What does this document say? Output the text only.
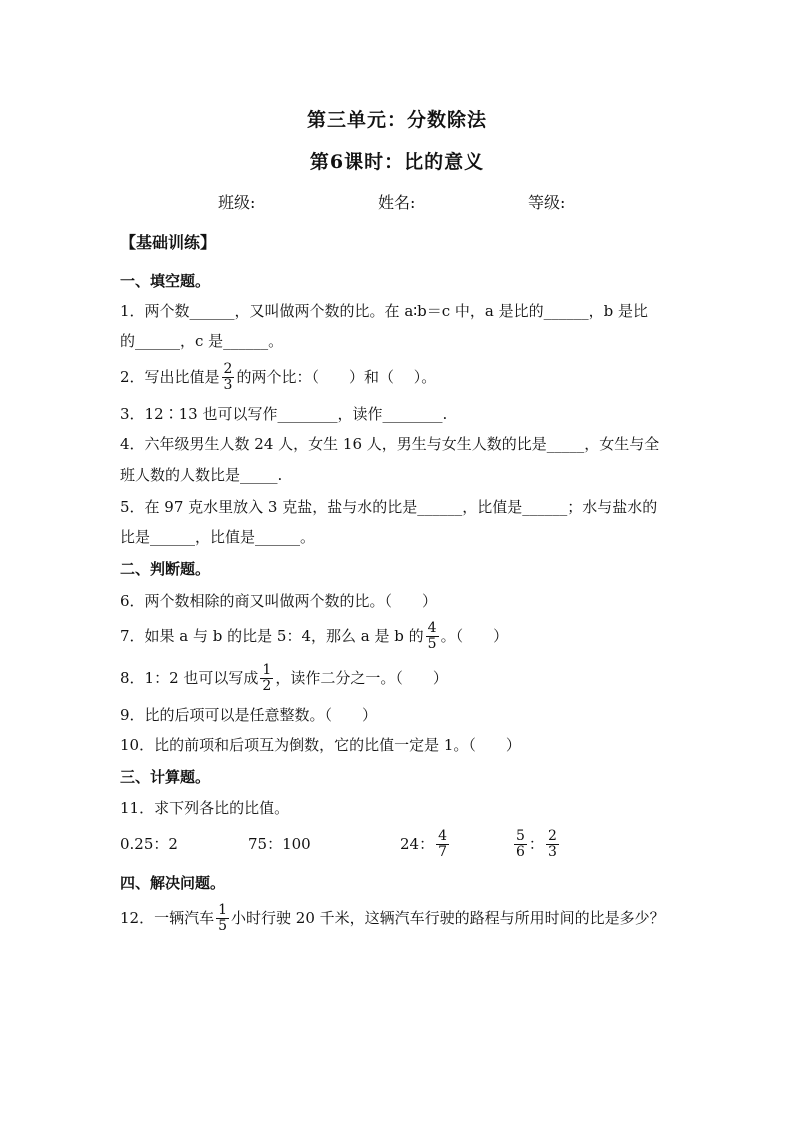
第三单元：分数除法
第6课时：比的意义
班级:	姓名:	等级:
【基础训练】
一、填空题。
1．两个数______，又叫做两个数的比。在 a∶b＝c 中，a 是比的______，b 是比
的______，c 是______。
2．写出比值是 $\frac{2}{3}$ 的两个比：（　　）和（　 ）。
3．12∶13 也可以写作________，读作________.
4．六年级男生人数 24 人，女生 16 人，男生与女生人数的比是_____，女生与全
班人数的人数比是_____.
5．在 97 克水里放入 3 克盐，盐与水的比是______，比值是______；水与盐水的
比是______，比值是______。
二、判断题。
6．两个数相除的商又叫做两个数的比。（　　）
7．如果 a 与 b 的比是 5：4，那么 a 是 b 的 $\frac{4}{5}$ 。（　　）
8．1：2 也可以写成 $\frac{1}{2}$ ，读作二分之一。（　　）
9．比的后项可以是任意整数。（　　）
10．比的前项和后项互为倒数，它的比值一定是 1。（　　）
三、计算题。
11．求下列各比的比值。
0.25：2	75：100	24： $\frac{4}{7}$	$\frac{5}{6}$ ： $\frac{2}{3}$
四、解决问题。
12．一辆汽车 $\frac{1}{5}$ 小时行驶 20 千米，这辆汽车行驶的路程与所用时间的比是多少？
